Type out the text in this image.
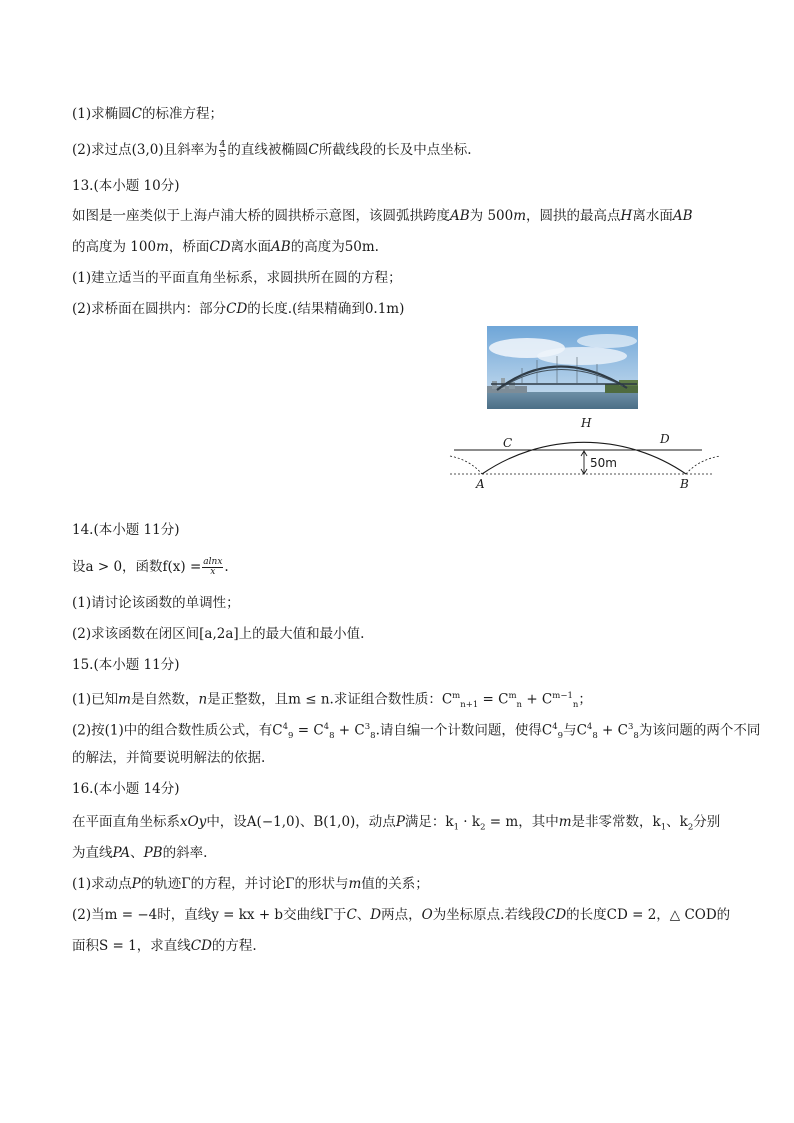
(1)求椭圆C的标准方程；
(2)求过点(3,0)且斜率为 $\frac{4}{5}$ 的直线被椭圆C所截线段的长及中点坐标.
13.(本小题 10分)
如图是一座类似于上海卢浦大桥的圆拱桥示意图，该圆弧拱跨度AB为 500m，圆拱的最高点H离水面AB
的高度为 100m，桥面CD离水面AB的高度为50m.
(1)建立适当的平面直角坐标系，求圆拱所在圆的方程；
(2)求桥面在圆拱内：部分CD的长度.(结果精确到0.1m)
50m
C
H
D
A	B
14.(本小题 11分)
设a > 0，函数$f(x) = \frac{alnx}{x}$ .
(1)请讨论该函数的单调性；
(2)求该函数在闭区间[a,2a]上的最大值和最小值.
15.(本小题 11分)
(1)已知m是自然数，n是正整数，且m ≤ n.求证组合数性质：$C^m_{n+1} = C^m_n + C^{m-1}_n$；
(2)按(1)中的组合数性质公式，有$C^4_9 = C^4_8 + C^3_8$.请自编一个计数问题，使得$C^4_9$与$C^4_8 + C^3_8$为该问题的两个不同
的解法，并简要说明解法的依据.
16.(本小题 14分)
在平面直角坐标系xOy中，设A(−1,0)、B(1,0)，动点P满足：$k_1 \cdot k_2 = m$，其中m是非零常数，$k_1$、$k_2$分别
为直线PA、PB的斜率.
(1)求动点P的轨迹Γ的方程，并讨论Γ的形状与m值的关系；
(2)当m = −4时，直线y = kx + b交曲线Γ于C、D两点，O为坐标原点.若线段CD的长度CD = 2，△ COD的
面积S = 1，求直线CD的方程.
